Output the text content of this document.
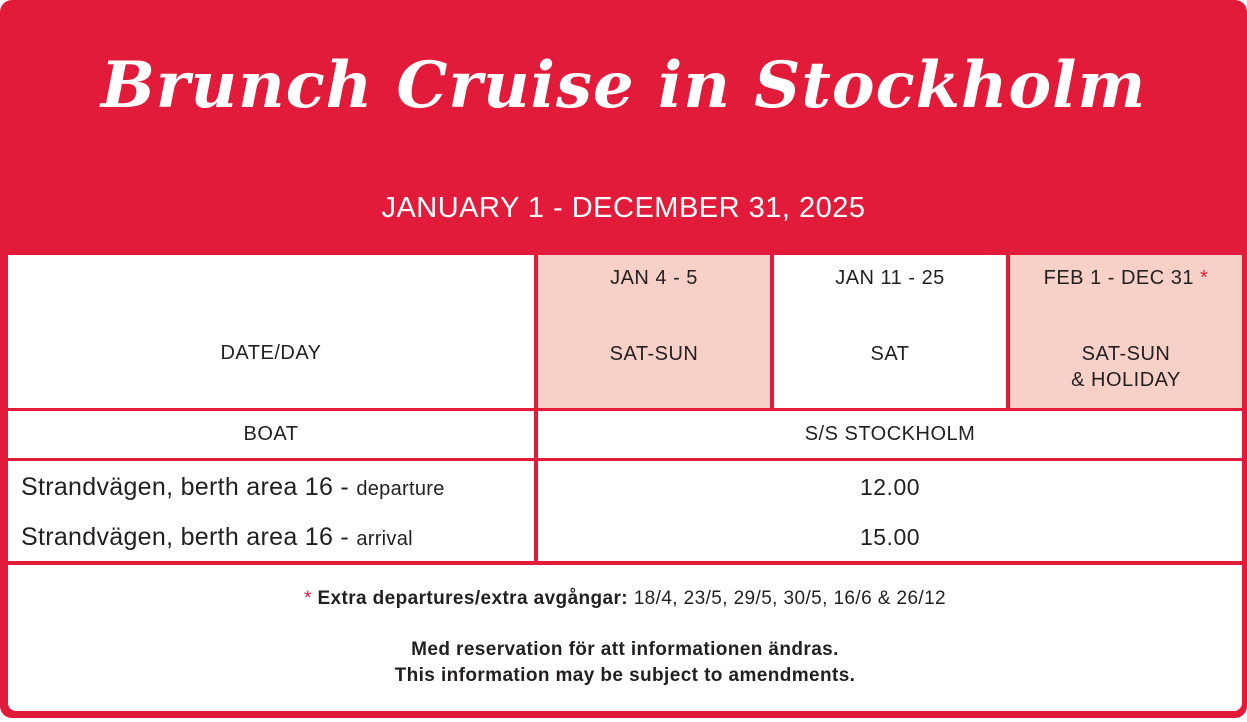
Brunch Cruise in Stockholm
JANUARY 1 - DECEMBER 31, 2025
DATE/DAY
JAN 4 - 5
SAT-SUN
JAN 11 - 25
SAT
FEB 1 - DEC 31 *
SAT-SUN
& HOLIDAY
BOAT	S/S STOCKHOLM
Strandvägen, berth area 16 - departure
Strandvägen, berth area 16 - arrival
12.00
15.00
* Extra departures/extra avgångar: 18/4, 23/5, 29/5, 30/5, 16/6 & 26/12
Med reservation för att informationen ändras.
This information may be subject to amendments.
